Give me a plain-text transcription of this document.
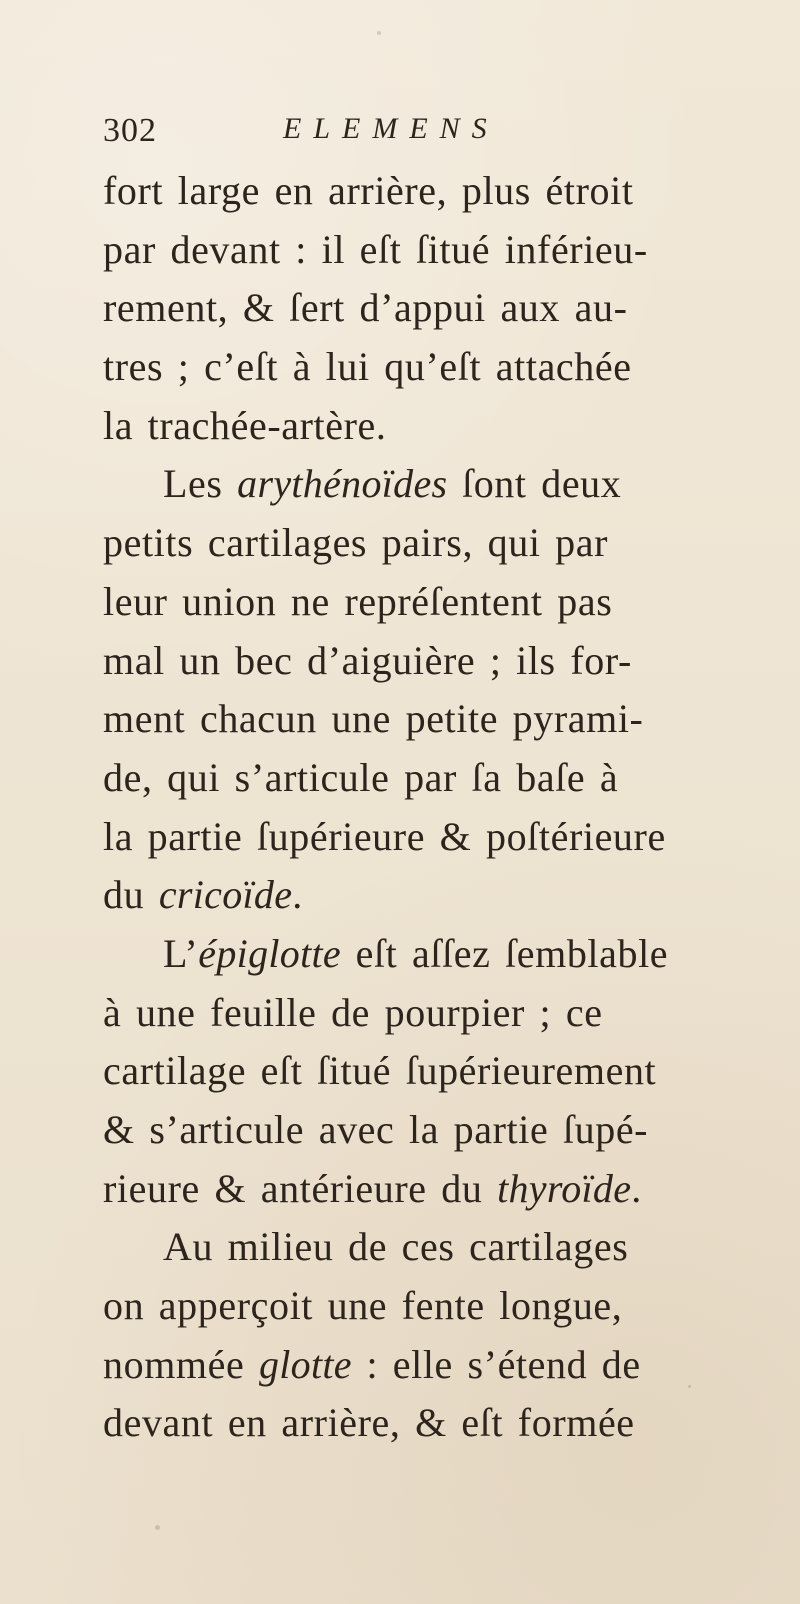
302	ELEMENS
fort large en arrière, plus étroit
par devant : il eſt ſitué inférieu-
rement, & ſert d’appui aux au-
tres ; c’eſt à lui qu’eſt attachée
la trachée-artère.
Les arythénoïdes ſont deux
petits cartilages pairs, qui par
leur union ne repréſentent pas
mal un bec d’aiguière ; ils for-
ment chacun une petite pyrami-
de, qui s’articule par ſa baſe à
la partie ſupérieure & poſtérieure
du cricoïde.
L’épiglotte eſt aſſez ſemblable
à une feuille de pourpier ; ce
cartilage eſt ſitué ſupérieurement
& s’articule avec la partie ſupé-
rieure & antérieure du thyroïde.
Au milieu de ces cartilages
on apperçoit une fente longue,
nommée glotte : elle s’étend de
devant en arrière, & eſt formée
